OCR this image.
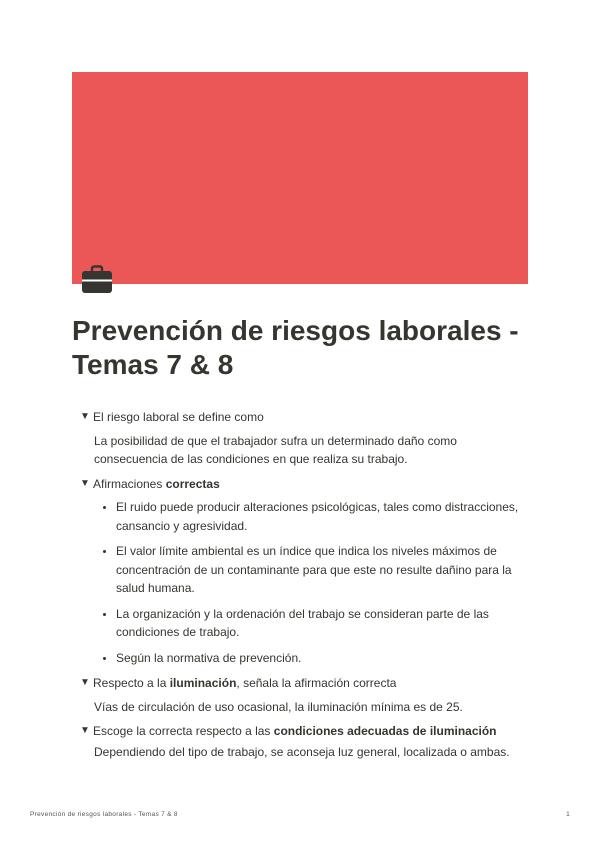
Prevención de riesgos laborales - Temas 7 & 8
▼ El riesgo laboral se define como

La posibilidad de que el trabajador sufra un determinado daño como consecuencia de las condiciones en que realiza su trabajo.

▼ Afirmaciones correctas
• El ruido puede producir alteraciones psicológicas, tales como distracciones, cansancio y agresividad.
• El valor límite ambiental es un índice que indica los niveles máximos de concentración de un contaminante para que este no resulte dañino para la salud humana.
• La organización y la ordenación del trabajo se consideran parte de las condiciones de trabajo.
• Según la normativa de prevención.
▼ Respecto a la iluminación, señala la afirmación correcta

Vías de circulación de uso ocasional, la iluminación mínima es de 25.

▼ Escoge la correcta respecto a las condiciones adecuadas de iluminación

Dependiendo del tipo de trabajo, se aconseja luz general, localizada o ambas.

Prevención de riesgos laborales - Temas 7 & 8	1
